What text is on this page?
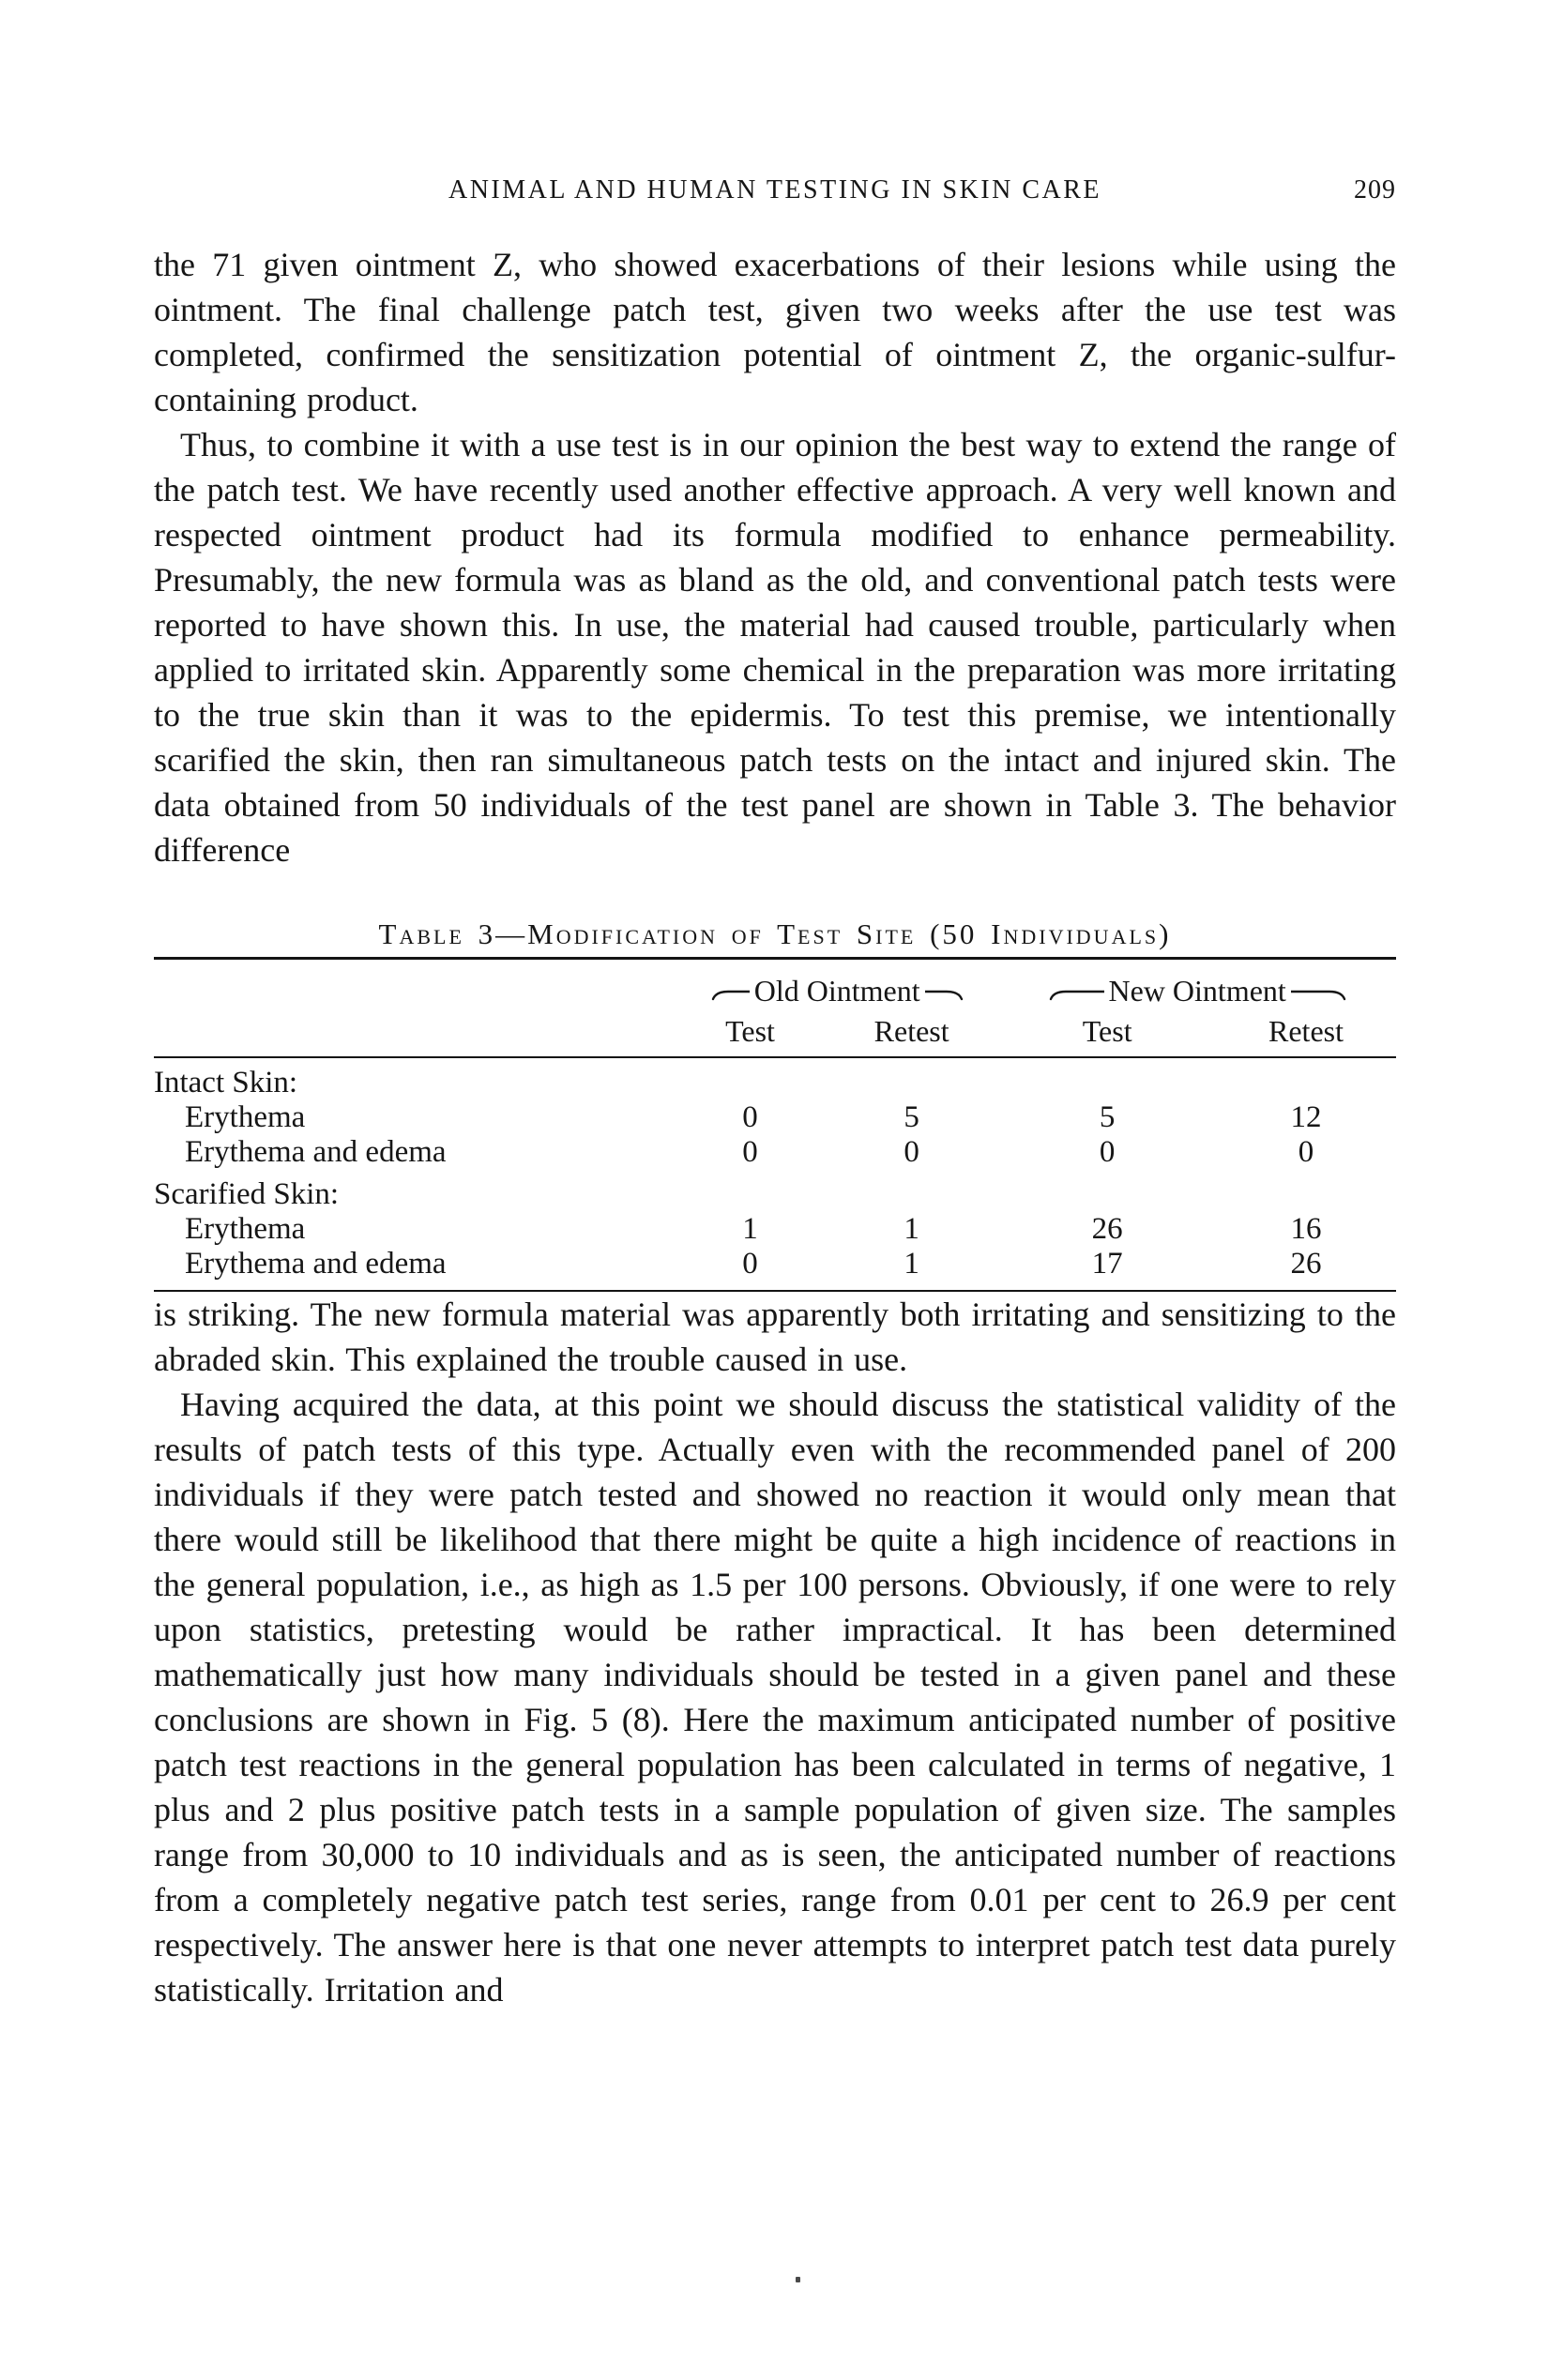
ANIMAL AND HUMAN TESTING IN SKIN CARE	209

the 71 given ointment Z, who showed exacerbations of their lesions while using the ointment. The final challenge patch test, given two weeks after the use test was completed, confirmed the sensitization potential of ointment Z, the organic-sulfur-containing product.

Thus, to combine it with a use test is in our opinion the best way to extend the range of the patch test. We have recently used another effective approach. A very well known and respected ointment product had its formula modified to enhance permeability. Presumably, the new formula was as bland as the old, and conventional patch tests were reported to have shown this. In use, the material had caused trouble, particularly when applied to irritated skin. Apparently some chemical in the preparation was more irritating to the true skin than it was to the epidermis. To test this premise, we intentionally scarified the skin, then ran simultaneous patch tests on the intact and injured skin. The data obtained from 50 individuals of the test panel are shown in Table 3. The behavior difference

Table 3—Modification of Test Site (50 Individuals)

	Old Ointment		New Ointment	

	Test	Retest	Test	Retest
Intact Skin:				
Erythema	0	5	5	12
Erythema and edema	0	0	0	0
Scarified Skin:				
Erythema	1	1	26	16
Erythema and edema	0	1	17	26

is striking. The new formula material was apparently both irritating and sensitizing to the abraded skin. This explained the trouble caused in use.

Having acquired the data, at this point we should discuss the statistical validity of the results of patch tests of this type. Actually even with the recommended panel of 200 individuals if they were patch tested and showed no reaction it would only mean that there would still be likelihood that there might be quite a high incidence of reactions in the general population, i.e., as high as 1.5 per 100 persons. Obviously, if one were to rely upon statistics, pretesting would be rather impractical. It has been determined mathematically just how many individuals should be tested in a given panel and these conclusions are shown in Fig. 5 (8). Here the maximum anticipated number of positive patch test reactions in the general population has been calculated in terms of negative, 1 plus and 2 plus positive patch tests in a sample population of given size. The samples range from 30,000 to 10 individuals and as is seen, the anticipated number of reactions from a completely negative patch test series, range from 0.01 per cent to 26.9 per cent respectively. The answer here is that one never attempts to interpret patch test data purely statistically. Irritation and
